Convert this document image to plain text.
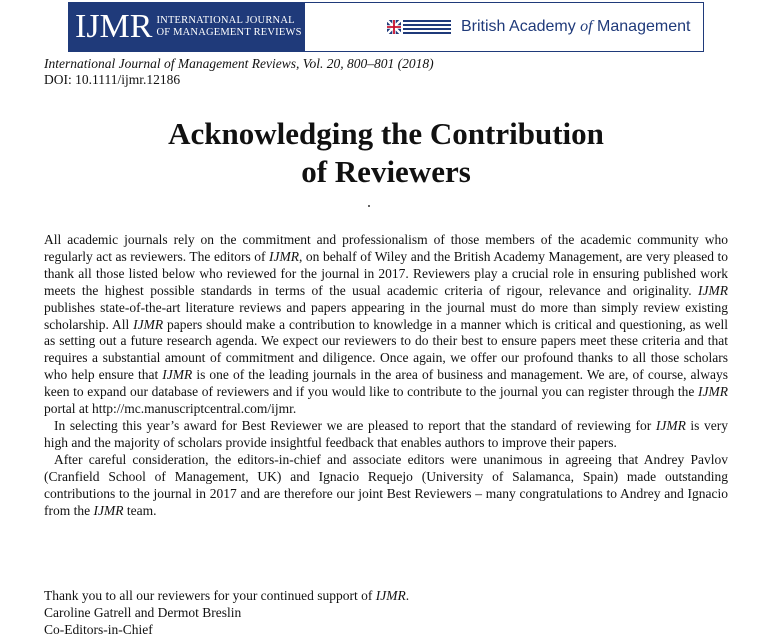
IJMR INTERNATIONAL JOURNAL
OF MANAGEMENT REVIEWS	British Academy of Management
International Journal of Management Reviews, Vol. 20, 800–801 (2018)
DOI: 10.1111/ijmr.12186
Acknowledging the Contribution
of Reviewers

All academic journals rely on the commitment and professionalism of those members of the academic community who regularly act as reviewers. The editors of IJMR, on behalf of Wiley and the British Academy Management, are very pleased to thank all those listed below who reviewed for the journal in 2017. Reviewers play a crucial role in ensuring published work meets the highest possible standards in terms of the usual academic criteria of rigour, relevance and originality. IJMR publishes state-of-the-art literature reviews and papers appearing in the journal must do more than simply review existing scholarship. All IJMR papers should make a contribution to knowledge in a manner which is critical and questioning, as well as setting out a future research agenda. We expect our reviewers to do their best to ensure papers meet these criteria and that requires a substantial amount of commitment and diligence. Once again, we offer our profound thanks to all those scholars who help ensure that IJMR is one of the leading journals in the area of business and management. We are, of course, always keen to expand our database of reviewers and if you would like to contribute to the journal you can register through the IJMR portal at http://mc.manuscriptcentral.com/ijmr.

In selecting this year’s award for Best Reviewer we are pleased to report that the standard of reviewing for IJMR is very high and the majority of scholars provide insightful feedback that enables authors to improve their papers.

After careful consideration, the editors-in-chief and associate editors were unanimous in agreeing that Andrey Pavlov (Cranfield School of Management, UK) and Ignacio Requejo (University of Salamanca, Spain) made outstanding contributions to the journal in 2017 and are therefore our joint Best Reviewers – many congratulations to Andrey and Ignacio from the IJMR team.

Thank you to all our reviewers for your continued support of IJMR.
Caroline Gatrell and Dermot Breslin
Co-Editors-in-Chief
